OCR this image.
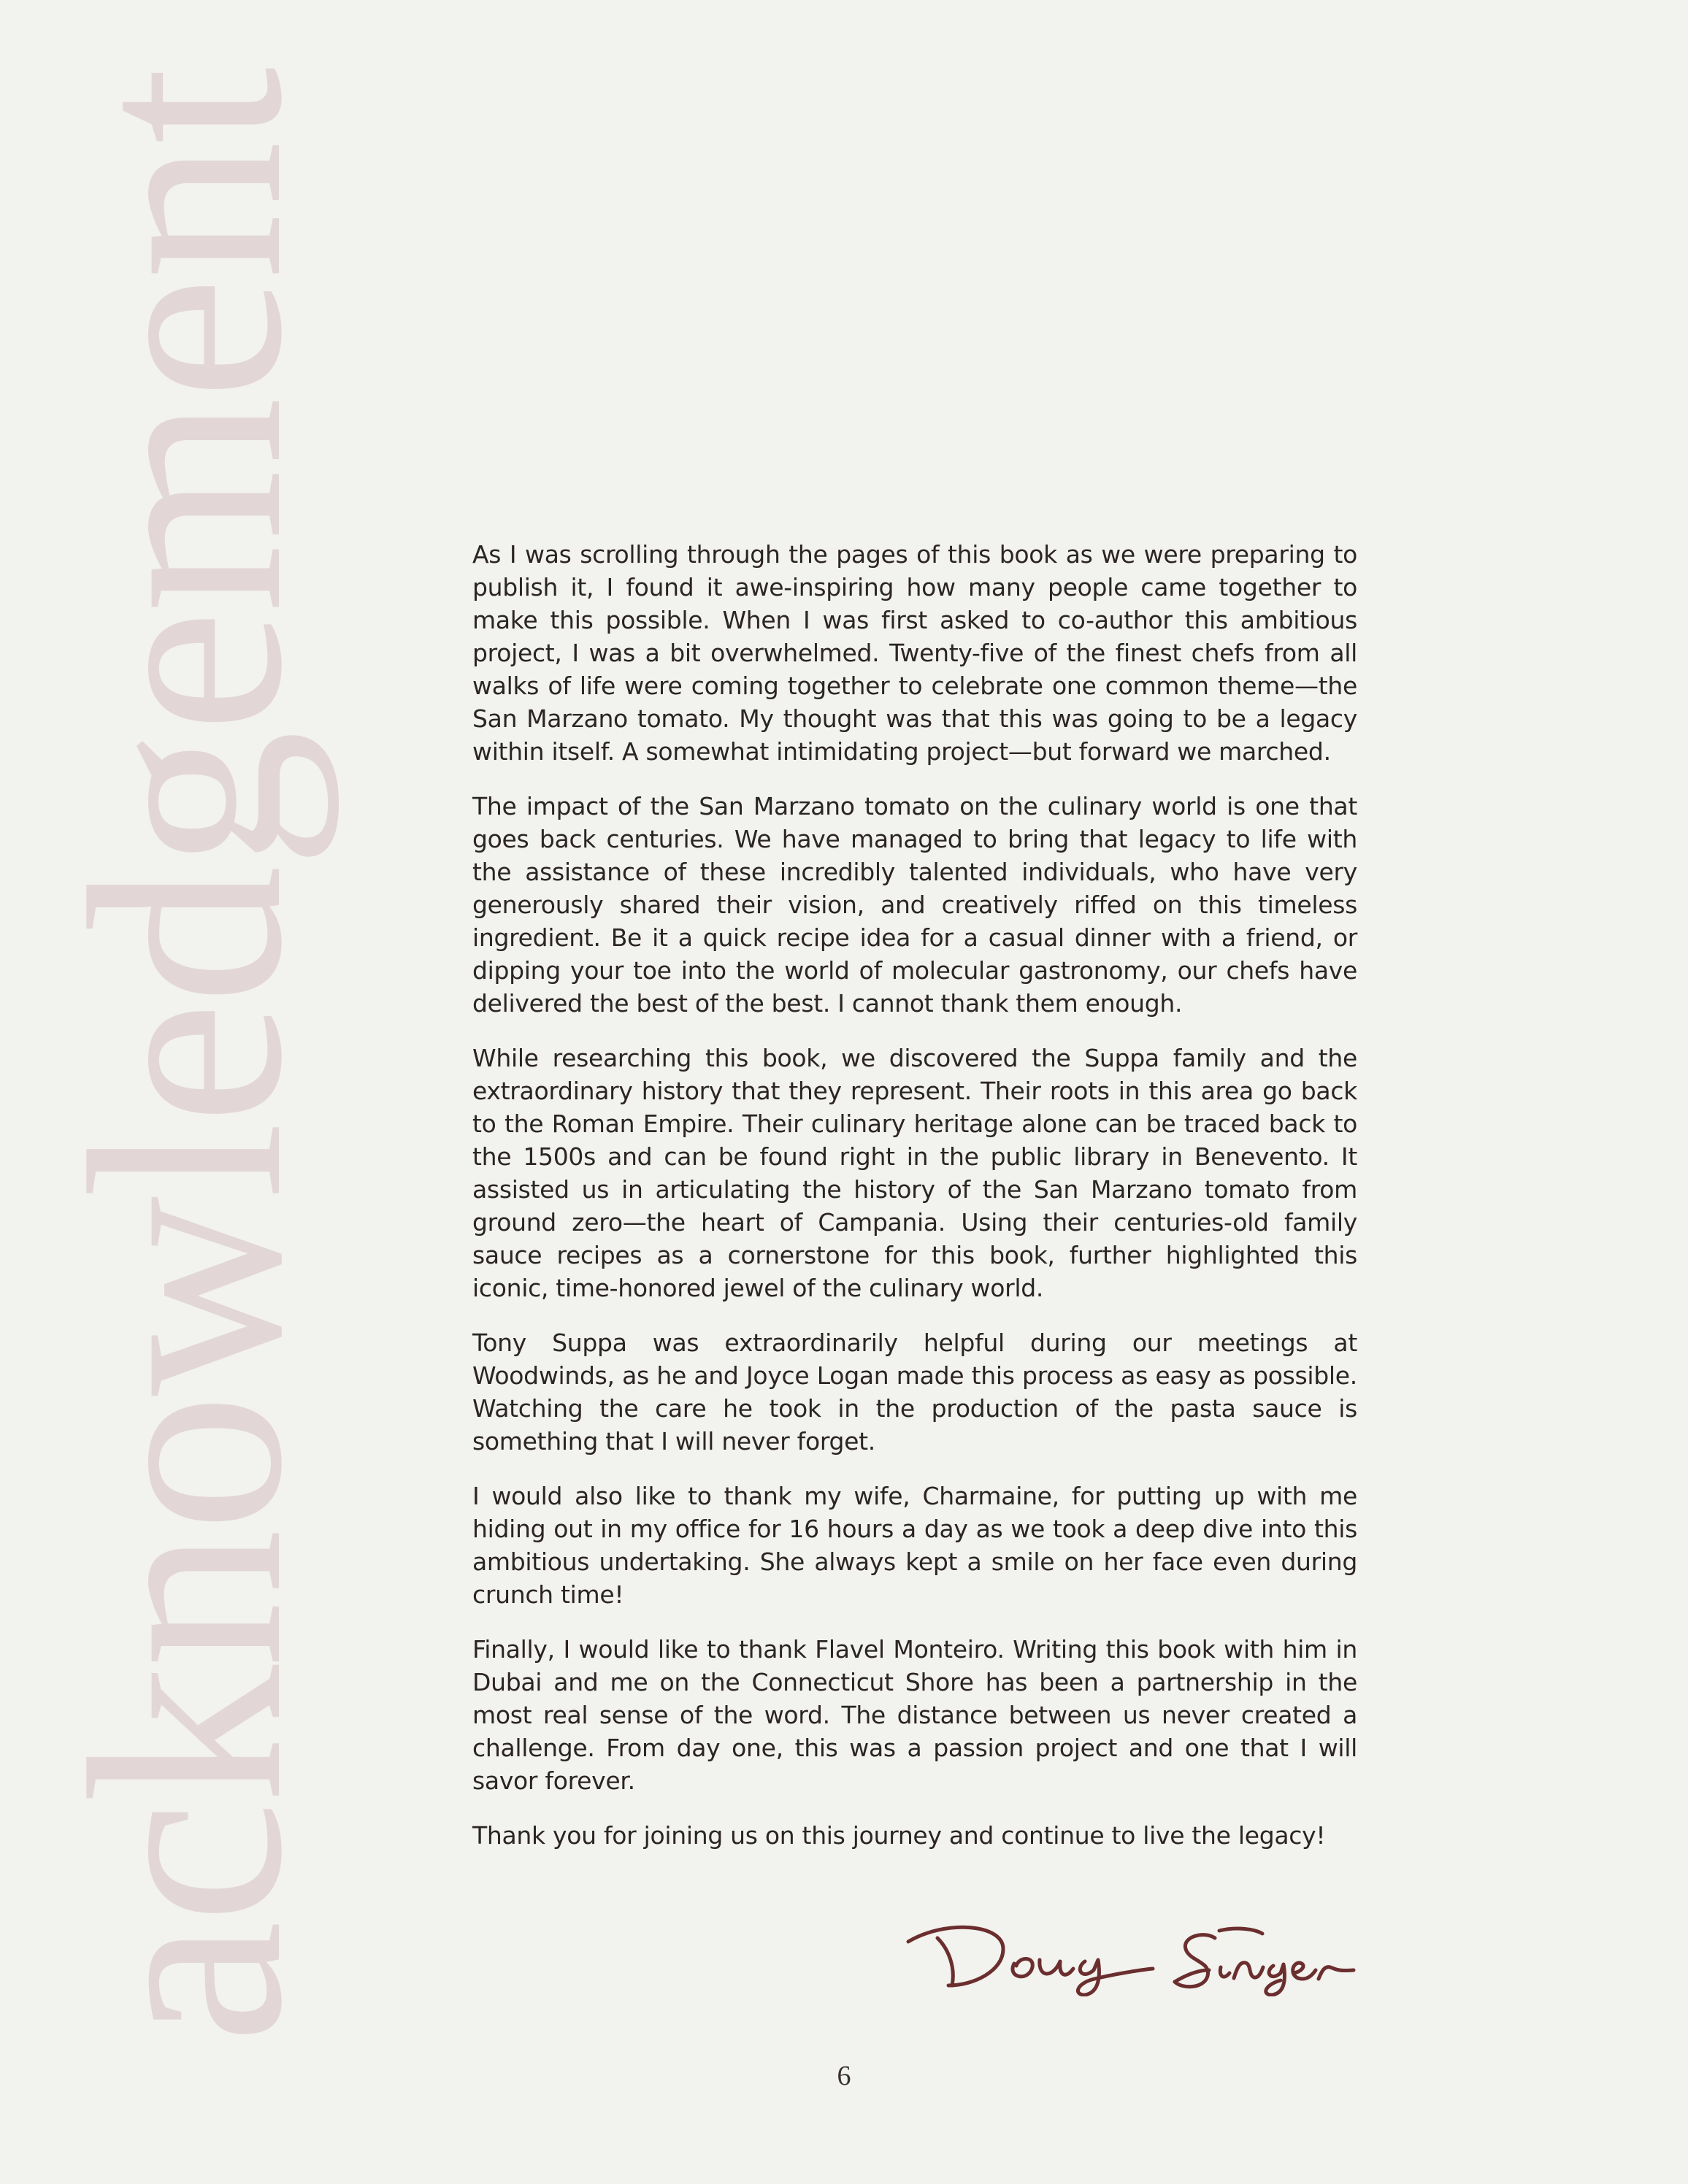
acknowledgement	As I was scrolling through the pages of this book as we were preparing to publish it, I found it awe-inspiring how many people came together to make this possible. When I was first asked to co-author this ambitious project, I was a bit overwhelmed. Twenty-five of the finest chefs from all walks of life were coming together to celebrate one common theme—the San Marzano tomato. My thought was that this was going to be a legacy within itself. A somewhat intimidating project—but forward we marched.

The impact of the San Marzano tomato on the culinary world is one that goes back centuries. We have managed to bring that legacy to life with the assistance of these incredibly talented individuals, who have very generously shared their vision, and creatively riffed on this timeless ingredient. Be it a quick recipe idea for a casual dinner with a friend, or dipping your toe into the world of molecular gastronomy, our chefs have delivered the best of the best. I cannot thank them enough.

While researching this book, we discovered the Suppa family and the extraordinary history that they represent. Their roots in this area go back to the Roman Empire. Their culinary heritage alone can be traced back to the 1500s and can be found right in the public library in Benevento. It assisted us in articulating the history of the San Marzano tomato from ground zero—the heart of Campania. Using their centuries-old family sauce recipes as a cornerstone for this book, further highlighted this iconic, time-honored jewel of the culinary world.

Tony Suppa was extraordinarily helpful during our meetings at Woodwinds, as he and Joyce Logan made this process as easy as possible. Watching the care he took in the production of the pasta sauce is something that I will never forget.

I would also like to thank my wife, Charmaine, for putting up with me hiding out in my office for 16 hours a day as we took a deep dive into this ambitious undertaking. She always kept a smile on her face even during crunch time!

Finally, I would like to thank Flavel Monteiro. Writing this book with him in Dubai and me on the Connecticut Shore has been a partnership in the most real sense of the word. The distance between us never created a challenge. From day one, this was a passion project and one that I will savor forever.

Thank you for joining us on this journey and continue to live the legacy!

6
